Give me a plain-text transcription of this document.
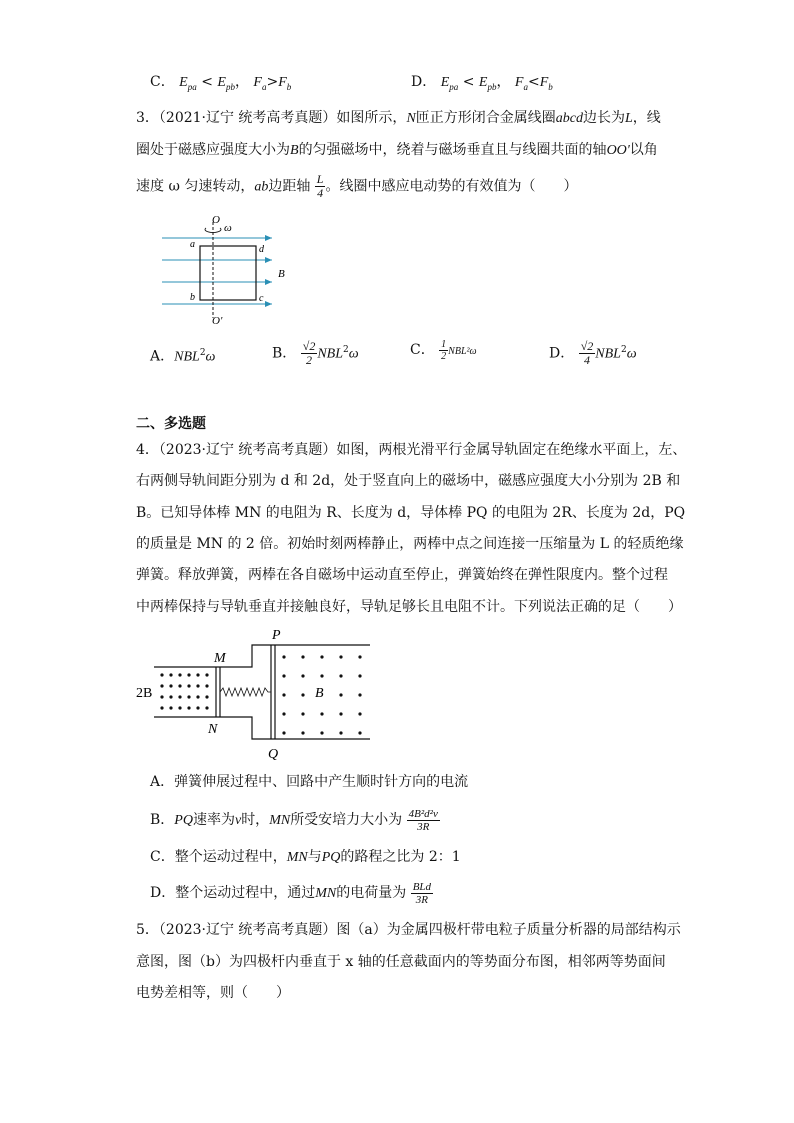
C． $E_{pa} < E_{pb}$， $F_a>F_b$	D． $E_{pa} < E_{pb}$， $F_a<F_b$
3．（2021·辽宁 统考高考真题）如图所示，N匝正方形闭合金属线圈abcd边长为L，线
圈处于磁感应强度大小为B的匀强磁场中，绕着与磁场垂直且与线圈共面的轴OO'以角
速度 ω 匀速转动，ab边距轴 $\frac{L}{4}$ 。线圈中感应电动势的有效值为（　　）
O
ω
a	d
B
b	c
O'
A．NBL$^2$ω	B． $\frac{√2}{2} NBL^2\omega$	C． $\frac{1}{2} NBL^2\omega$	D． $\frac{√2}{4} NBL^2\omega$
二、多选题
4．（2023·辽宁 统考高考真题）如图，两根光滑平行金属导轨固定在绝缘水平面上，左、
右两侧导轨间距分别为 d 和 2d，处于竖直向上的磁场中，磁感应强度大小分别为 2B 和
B。已知导体棒 MN 的电阻为 R、长度为 d，导体棒 PQ 的电阻为 2R、长度为 2d，PQ
的质量是 MN 的 2 倍。初始时刻两棒静止，两棒中点之间连接一压缩量为 L 的轻质绝缘
弹簧。释放弹簧，两棒在各自磁场中运动直至停止，弹簧始终在弹性限度内。整个过程
中两棒保持与导轨垂直并接触良好，导轨足够长且电阻不计。下列说法正确的足（　　）
P
M
2B	B
N
Q
A．弹簧伸展过程中、回路中产生顺时针方向的电流
B．PQ速率为v时，MN所受安培力大小为 $\frac{\text{4B²d²v}}{3R}$
C．整个运动过程中，MN与PQ的路程之比为 2：1
D．整个运动过程中，通过MN的电荷量为 $\frac{\text{BLd}}{3R}$
5．（2023·辽宁 统考高考真题）图（a）为金属四极杆带电粒子质量分析器的局部结构示
意图，图（b）为四极杆内垂直于 x 轴的任意截面内的等势面分布图，相邻两等势面间
电势差相等，则（　　）
